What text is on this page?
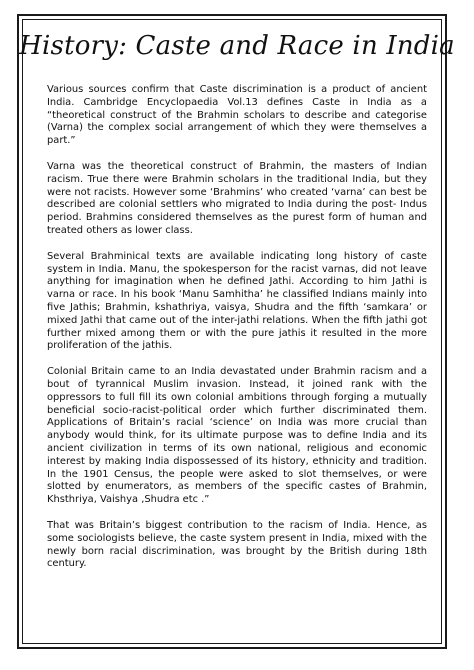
History: Caste and Race in India

Various sources confirm that Caste discrimination is a product of ancient India. Cambridge Encyclopaedia Vol.13 defines Caste in India as a “theoretical construct of the Brahmin scholars to describe and categorise (Varna) the complex social arrangement of which they were themselves a part.”

Varna was the theoretical construct of Brahmin, the masters of Indian racism. True there were Brahmin scholars in the traditional India, but they were not racists. However some ‘Brahmins’ who created ‘varna’ can best be described are colonial settlers who migrated to India during the post- Indus period. Brahmins considered themselves as the purest form of human and treated others as lower class.

Several Brahminical texts are available indicating long history of caste system in India. Manu, the spokesperson for the racist varnas, did not leave anything for imagination when he defined Jathi. According to him Jathi is varna or race. In his book ‘Manu Samhitha’ he classified Indians mainly into five Jathis; Brahmin, kshathriya, vaisya, Shudra and the fifth ‘samkara’ or mixed Jathi that came out of the inter-jathi relations. When the fifth jathi got further mixed among them or with the pure jathis it resulted in the more proliferation of the jathis.

Colonial Britain came to an India devastated under Brahmin racism and a bout of tyrannical Muslim invasion. Instead, it joined rank with the oppressors to full fill its own colonial ambitions through forging a mutually beneficial socio-racist-political order which further discriminated them. Applications of Britain’s racial ‘science’ on India was more crucial than anybody would think, for its ultimate purpose was to define India and its ancient civilization in terms of its own national, religious and economic interest by making India dispossessed of its history, ethnicity and tradition. In the 1901 Census, the people were asked to slot themselves, or were slotted by enumerators, as members of the specific castes of Brahmin, Khsthriya, Vaishya ,Shudra etc .”

That was Britain’s biggest contribution to the racism of India. Hence, as some sociologists believe, the caste system present in India, mixed with the newly born racial discrimination, was brought by the British during 18th century.
